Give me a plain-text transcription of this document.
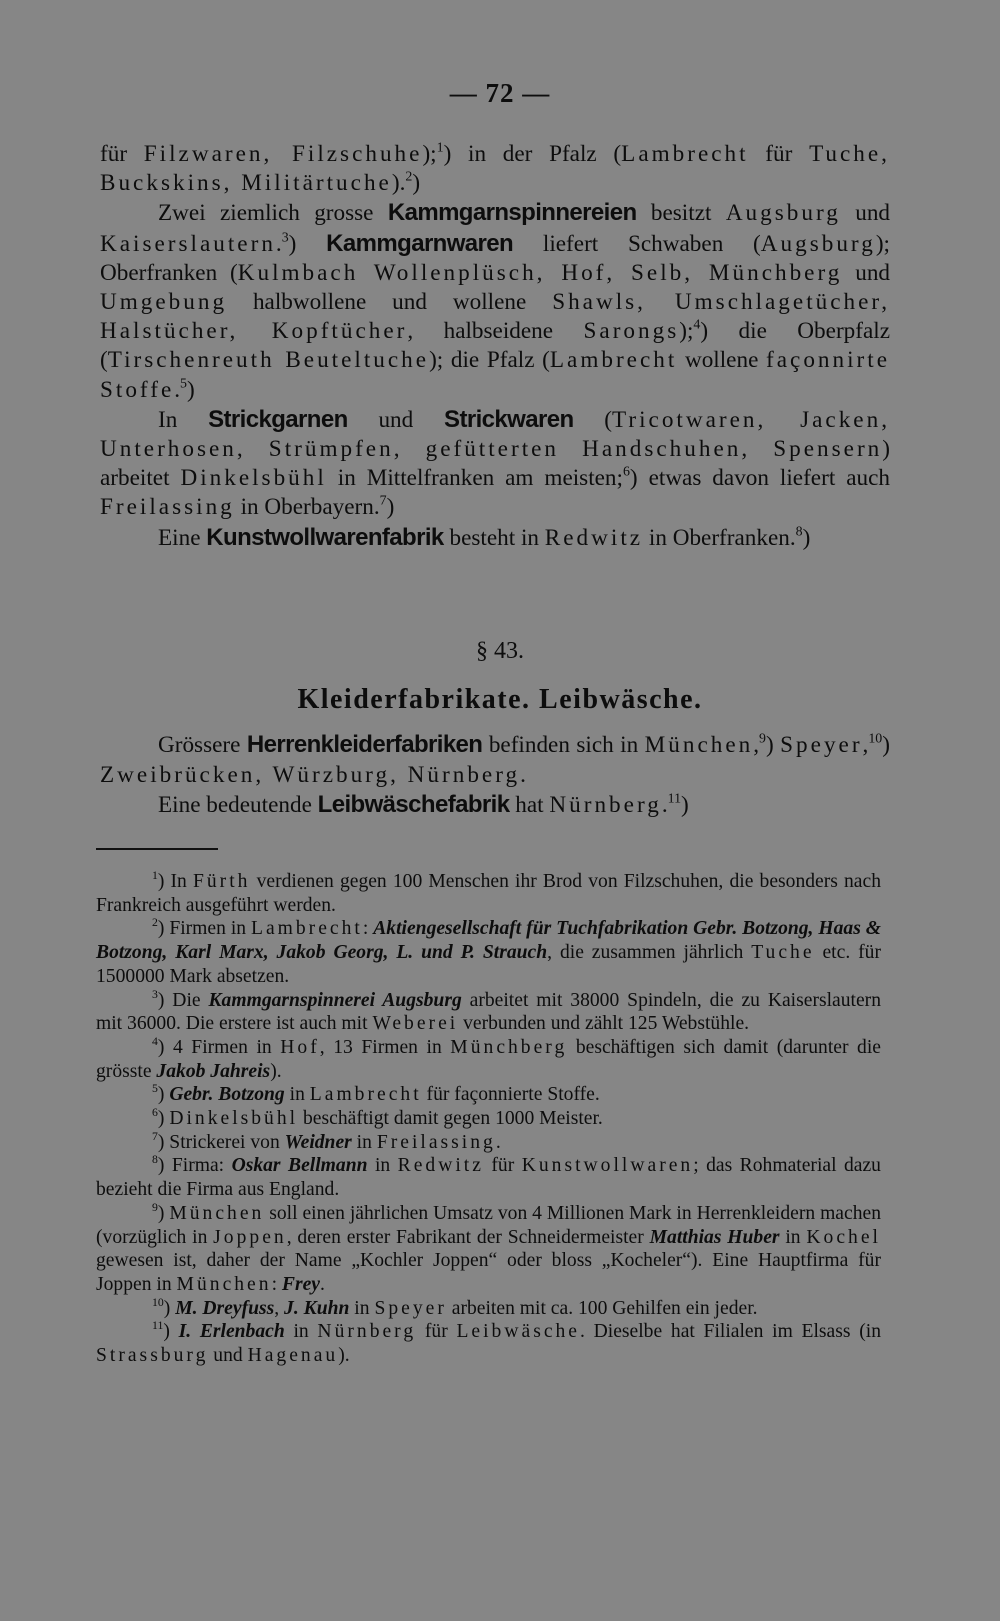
— 72 —

für Filzwaren, Filzschuhe);$^1$) in der Pfalz (Lambrecht für Tuche, Buckskins, Militärtuche).$^2$)

Zwei ziemlich grosse Kammgarnspinnereien besitzt Augsburg und Kaiserslautern.$^3$) Kammgarnwaren liefert Schwaben (Augsburg); Oberfranken (Kulmbach Wollenplüsch, Hof, Selb, Münchberg und Umgebung halbwollene und wollene Shawls, Umschlagetücher, Halstücher, Kopftücher, halbseidene Sarongs);$^4$) die Oberpfalz (Tirschenreuth Beuteltuche); die Pfalz (Lambrecht wollene façonnirte Stoffe.$^5$)

In Strickgarnen und Strickwaren (Tricotwaren, Jacken, Unterhosen, Strümpfen, gefütterten Handschuhen, Spensern) arbeitet Dinkelsbühl in Mittelfranken am meisten;$^6$) etwas davon liefert auch Freilassing in Oberbayern.$^7$)

Eine Kunstwollwarenfabrik besteht in Redwitz in Oberfranken.$^8$)

§ 43.
Kleiderfabrikate. Leibwäsche.

Grössere Herrenkleiderfabriken befinden sich in München,$^9$) Speyer,$^{10}$) Zweibrücken, Würzburg, Nürnberg.

Eine bedeutende Leibwäschefabrik hat Nürnberg.$^{11}$)

$^1$) In Fürth verdienen gegen 100 Menschen ihr Brod von Filzschuhen, die besonders nach Frankreich ausgeführt werden.

$^2$) Firmen in Lambrecht: Aktiengesellschaft für Tuchfabrikation Gebr. Botzong, Haas & Botzong, Karl Marx, Jakob Georg, L. und P. Strauch, die zusammen jährlich Tuche etc. für 1500000 Mark absetzen.

$^3$) Die Kammgarnspinnerei Augsburg arbeitet mit 38000 Spindeln, die zu Kaiserslautern mit 36000. Die erstere ist auch mit Weberei verbunden und zählt 125 Webstühle.

$^4$) 4 Firmen in Hof, 13 Firmen in Münchberg beschäftigen sich damit (darunter die grösste Jakob Jahreis).

$^5$) Gebr. Botzong in Lambrecht für façonnierte Stoffe.

$^6$) Dinkelsbühl beschäftigt damit gegen 1000 Meister.

$^7$) Strickerei von Weidner in Freilassing.

$^8$) Firma: Oskar Bellmann in Redwitz für Kunstwollwaren; das Rohmaterial dazu bezieht die Firma aus England.

$^9$) München soll einen jährlichen Umsatz von 4 Millionen Mark in Herrenkleidern machen (vorzüglich in Joppen, deren erster Fabrikant der Schneidermeister Matthias Huber in Kochel gewesen ist, daher der Name „Kochler Joppen“ oder bloss „Kocheler“). Eine Hauptfirma für Joppen in München: Frey.

$^{10}$) M. Dreyfuss, J. Kuhn in Speyer arbeiten mit ca. 100 Gehilfen ein jeder.

$^{11}$) I. Erlenbach in Nürnberg für Leibwäsche. Dieselbe hat Filialen im Elsass (in Strassburg und Hagenau).
